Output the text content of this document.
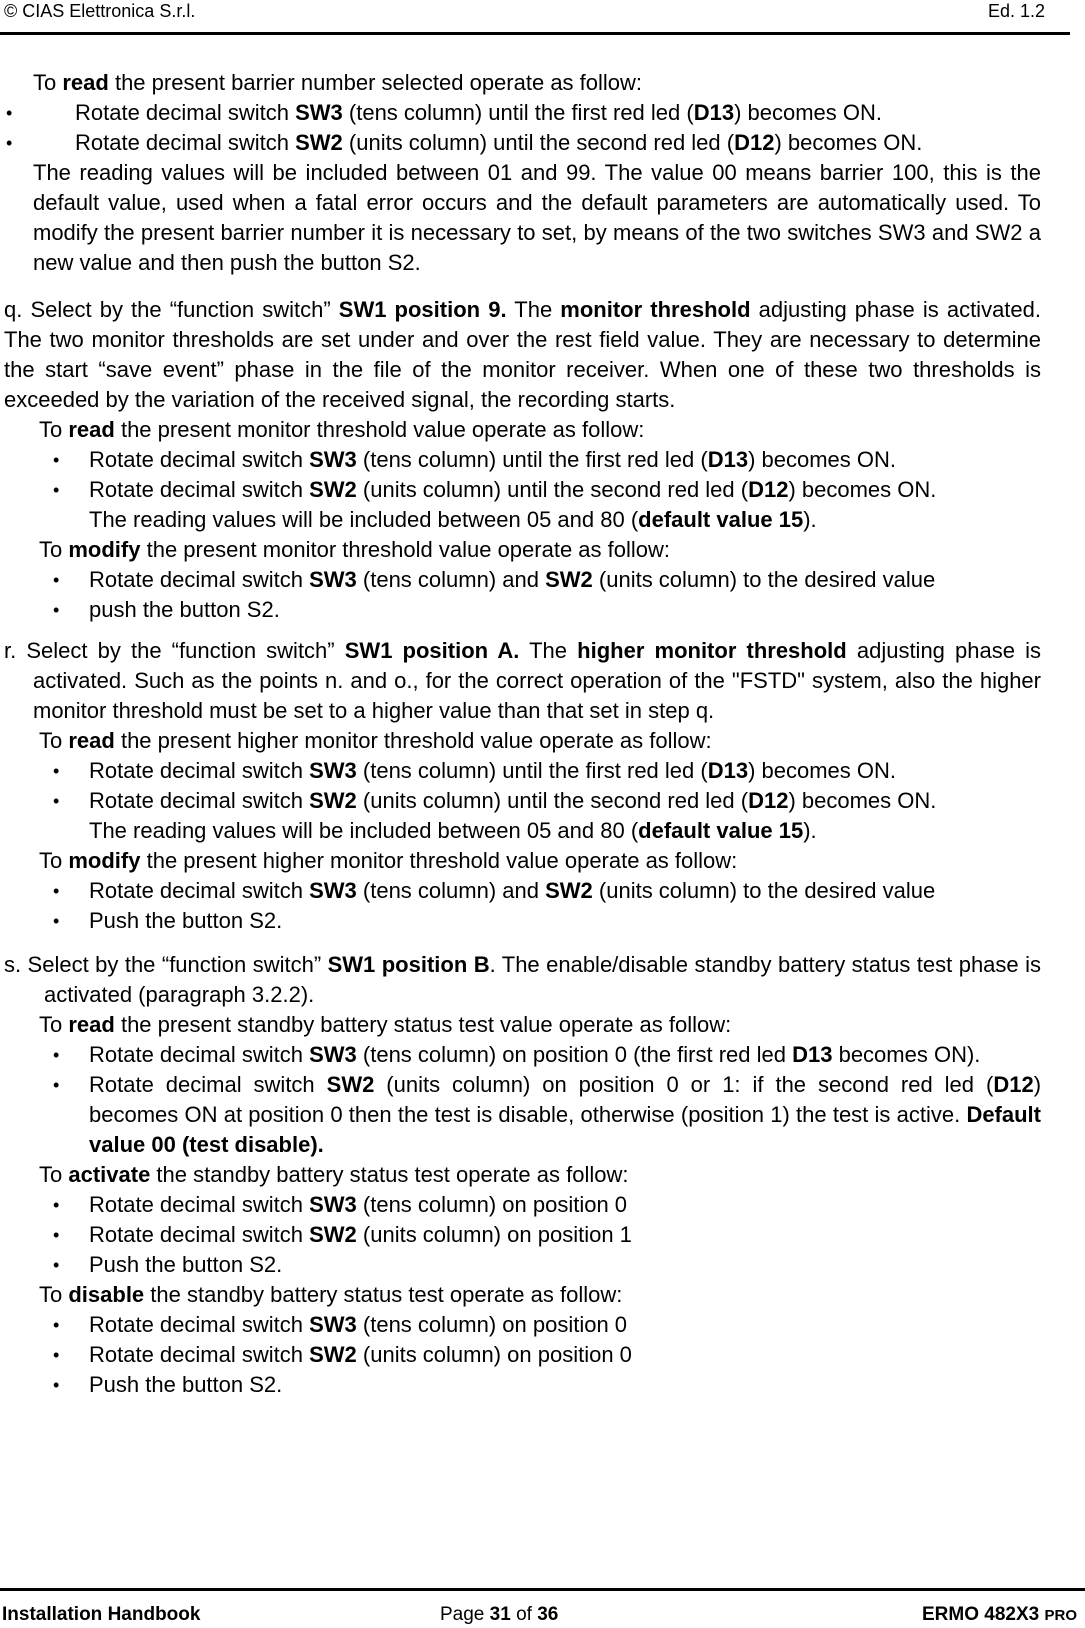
© CIAS Elettronica S.r.l.	Ed. 1.2

To read the present barrier number selected operate as follow:

• Rotate decimal switch SW3 (tens column) until the first red led (D13) becomes ON.
• Rotate decimal switch SW2 (units column) until the second red led (D12) becomes ON.

The reading values will be included between 01 and 99. The value 00 means barrier 100, this is the default value, used when a fatal error occurs and the default parameters are automatically used. To modify the present barrier number it is necessary to set, by means of the two switches SW3 and SW2 a new value and then push the button S2.

q. Select by the “function switch” SW1 position 9. The monitor threshold adjusting phase is activated. The two monitor thresholds are set under and over the rest field value. They are necessary to determine the start “save event” phase in the file of the monitor receiver. When one of these two thresholds is exceeded by the variation of the received signal, the recording starts.

To read the present monitor threshold value operate as follow:

• Rotate decimal switch SW3 (tens column) until the first red led (D13) becomes ON.
• Rotate decimal switch SW2 (units column) until the second red led (D12) becomes ON.

The reading values will be included between 05 and 80 (default value 15).

To modify the present monitor threshold value operate as follow:

• Rotate decimal switch SW3 (tens column) and SW2 (units column) to the desired value
• push the button S2.

r. Select by the “function switch” SW1 position A. The higher monitor threshold adjusting phase is activated. Such as the points n. and o., for the correct operation of the "FSTD" system, also the higher monitor threshold must be set to a higher value than that set in step q.

To read the present higher monitor threshold value operate as follow:

• Rotate decimal switch SW3 (tens column) until the first red led (D13) becomes ON.
• Rotate decimal switch SW2 (units column) until the second red led (D12) becomes ON.

The reading values will be included between 05 and 80 (default value 15).

To modify the present higher monitor threshold value operate as follow:

• Rotate decimal switch SW3 (tens column) and SW2 (units column) to the desired value
• Push the button S2.

s. Select by the “function switch” SW1 position B. The enable/disable standby battery status test phase is activated (paragraph 3.2.2).

To read the present standby battery status test value operate as follow:

• Rotate decimal switch SW3 (tens column) on position 0 (the first red led D13 becomes ON).
• Rotate decimal switch SW2 (units column) on position 0 or 1: if the second red led (D12) becomes ON at position 0 then the test is disable, otherwise (position 1) the test is active. Default value 00 (test disable).

To activate the standby battery status test operate as follow:

• Rotate decimal switch SW3 (tens column) on position 0
• Rotate decimal switch SW2 (units column) on position 1
• Push the button S2.

To disable the standby battery status test operate as follow:

• Rotate decimal switch SW3 (tens column) on position 0
• Rotate decimal switch SW2 (units column) on position 0
• Push the button S2.
Installation Handbook	Page 31 of 36	ERMO 482X3 PRO
